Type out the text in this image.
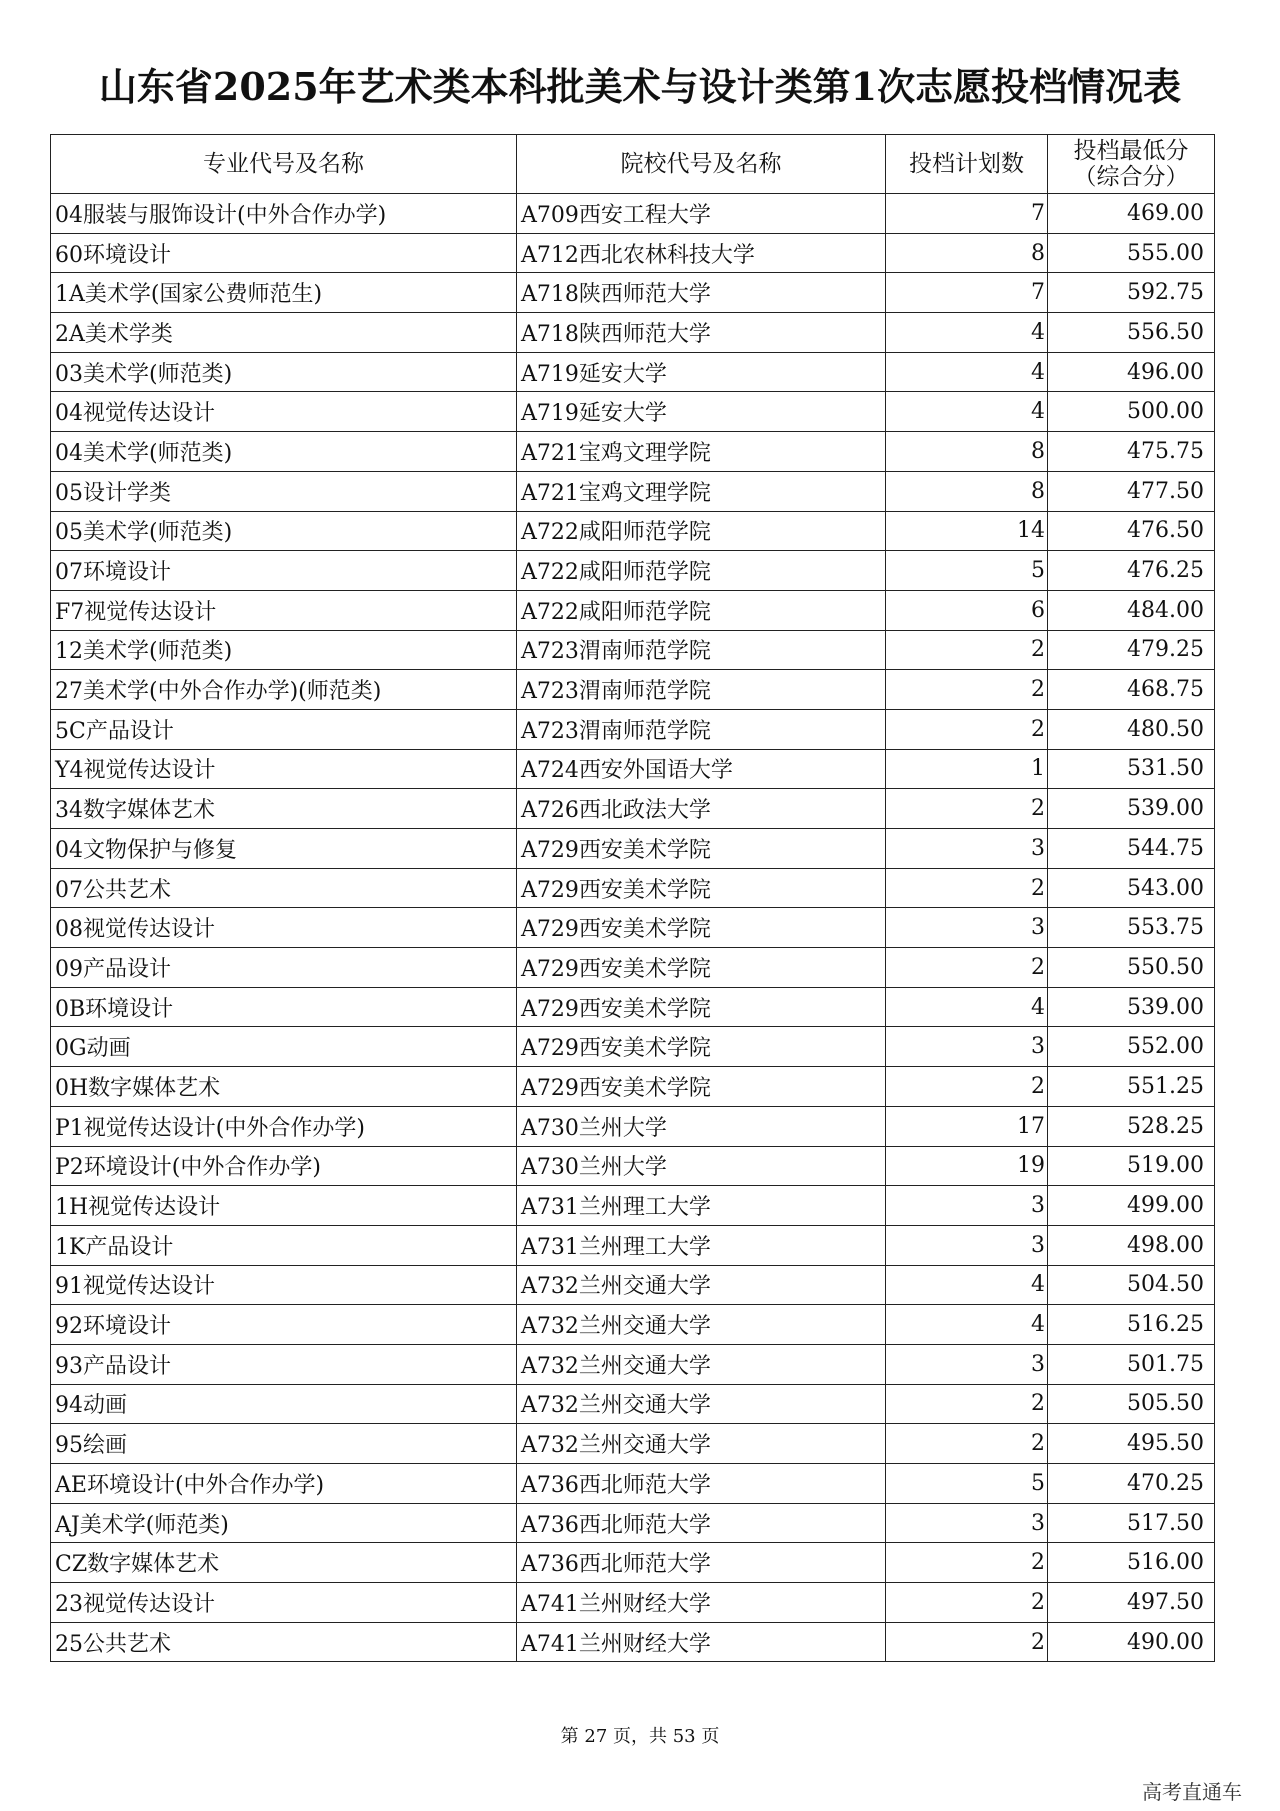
山东省2025年艺术类本科批美术与设计类第1次志愿投档情况表
专业代号及名称	院校代号及名称	投档计划数	投档最低分
（综合分）

04服装与服饰设计(中外合作办学)	A709西安工程大学	7	469.00
60环境设计	A712西北农林科技大学	8	555.00
1A美术学(国家公费师范生)	A718陕西师范大学	7	592.75
2A美术学类	A718陕西师范大学	4	556.50
03美术学(师范类)	A719延安大学	4	496.00
04视觉传达设计	A719延安大学	4	500.00
04美术学(师范类)	A721宝鸡文理学院	8	475.75
05设计学类	A721宝鸡文理学院	8	477.50
05美术学(师范类)	A722咸阳师范学院	14	476.50
07环境设计	A722咸阳师范学院	5	476.25
F7视觉传达设计	A722咸阳师范学院	6	484.00
12美术学(师范类)	A723渭南师范学院	2	479.25
27美术学(中外合作办学)(师范类)	A723渭南师范学院	2	468.75
5C产品设计	A723渭南师范学院	2	480.50
Y4视觉传达设计	A724西安外国语大学	1	531.50
34数字媒体艺术	A726西北政法大学	2	539.00
04文物保护与修复	A729西安美术学院	3	544.75
07公共艺术	A729西安美术学院	2	543.00
08视觉传达设计	A729西安美术学院	3	553.75
09产品设计	A729西安美术学院	2	550.50
0B环境设计	A729西安美术学院	4	539.00
0G动画	A729西安美术学院	3	552.00
0H数字媒体艺术	A729西安美术学院	2	551.25
P1视觉传达设计(中外合作办学)	A730兰州大学	17	528.25
P2环境设计(中外合作办学)	A730兰州大学	19	519.00
1H视觉传达设计	A731兰州理工大学	3	499.00
1K产品设计	A731兰州理工大学	3	498.00
91视觉传达设计	A732兰州交通大学	4	504.50
92环境设计	A732兰州交通大学	4	516.25
93产品设计	A732兰州交通大学	3	501.75
94动画	A732兰州交通大学	2	505.50
95绘画	A732兰州交通大学	2	495.50
AE环境设计(中外合作办学)	A736西北师范大学	5	470.25
AJ美术学(师范类)	A736西北师范大学	3	517.50
CZ数字媒体艺术	A736西北师范大学	2	516.00
23视觉传达设计	A741兰州财经大学	2	497.50
25公共艺术	A741兰州财经大学	2	490.00
第 27 页，共 53 页
高考直通车
